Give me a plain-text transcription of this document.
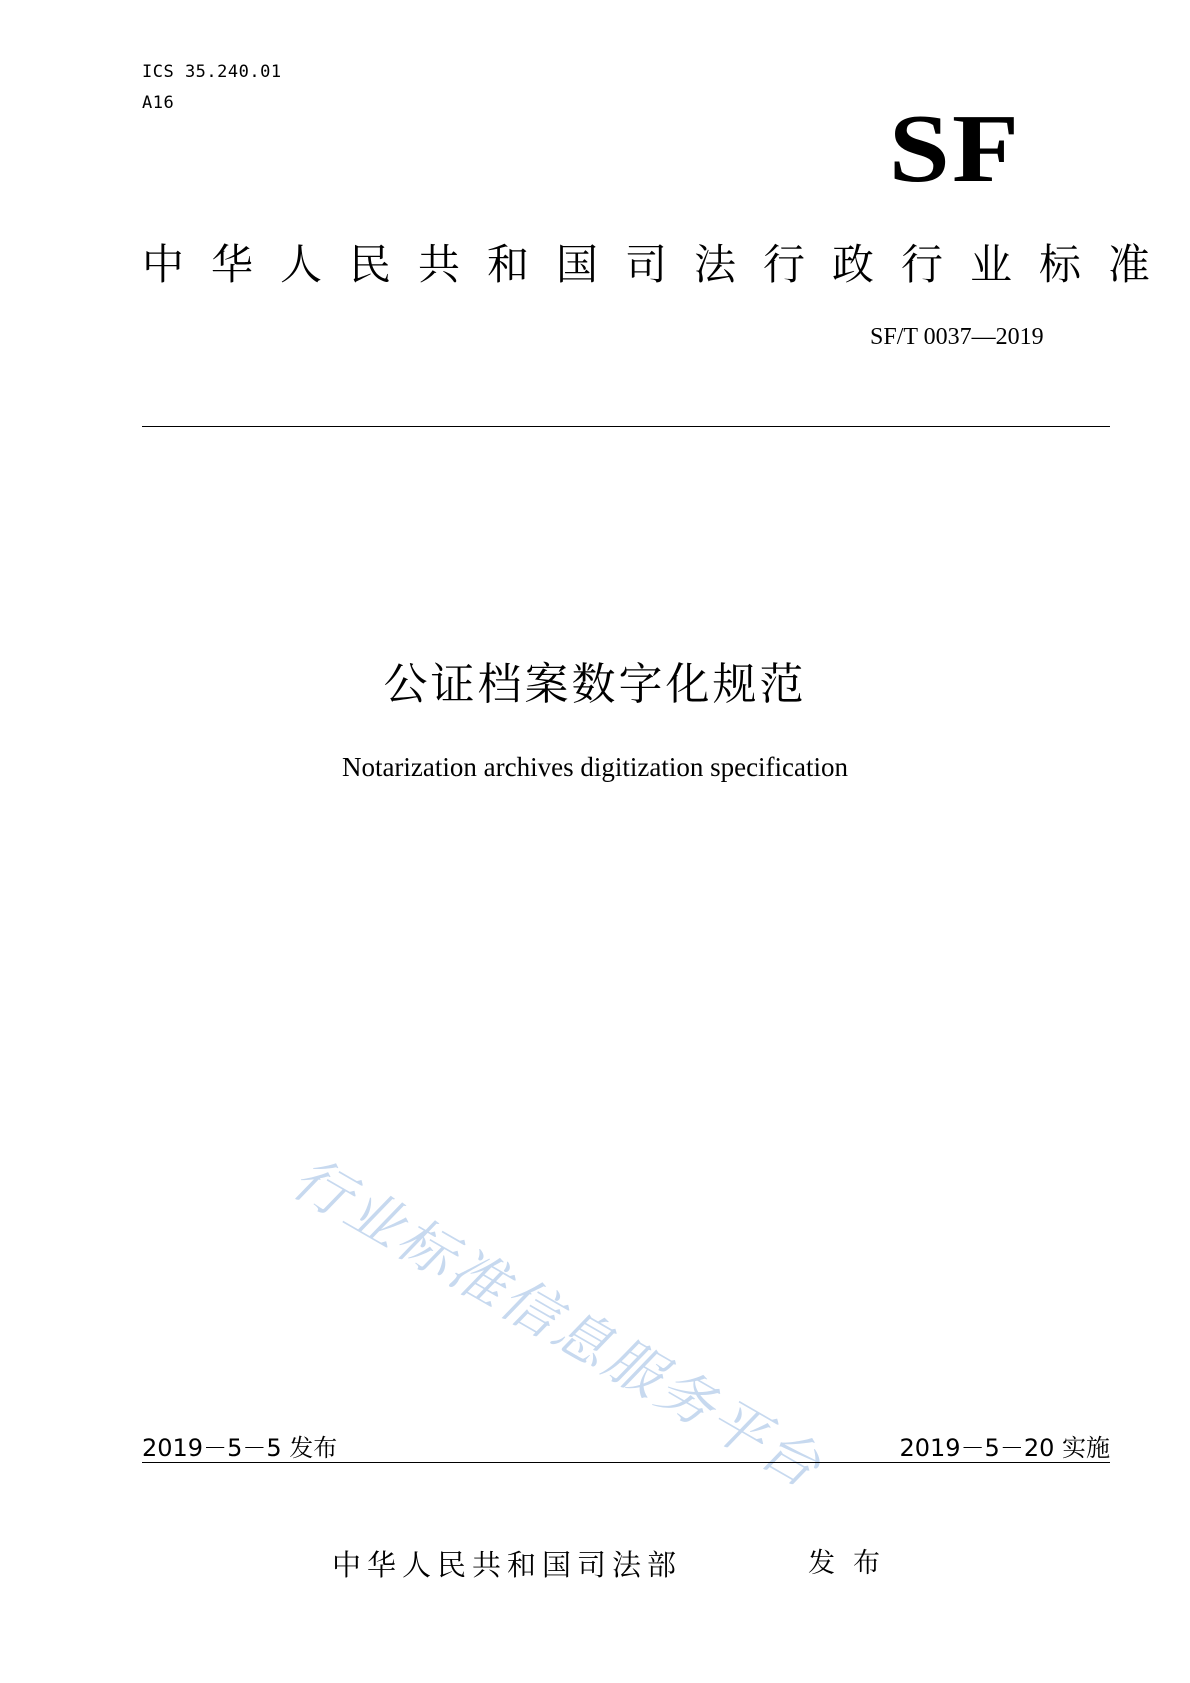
ICS 35.240.01
A16	SF
中华人民共和国司法行政行业标准
SF/T 0037—2019
公证档案数字化规范
Notarization archives digitization specification
行业标准信息服务平台
2019－5－5 发布	2019－5－20 实施
中华人民共和国司法部	发布
